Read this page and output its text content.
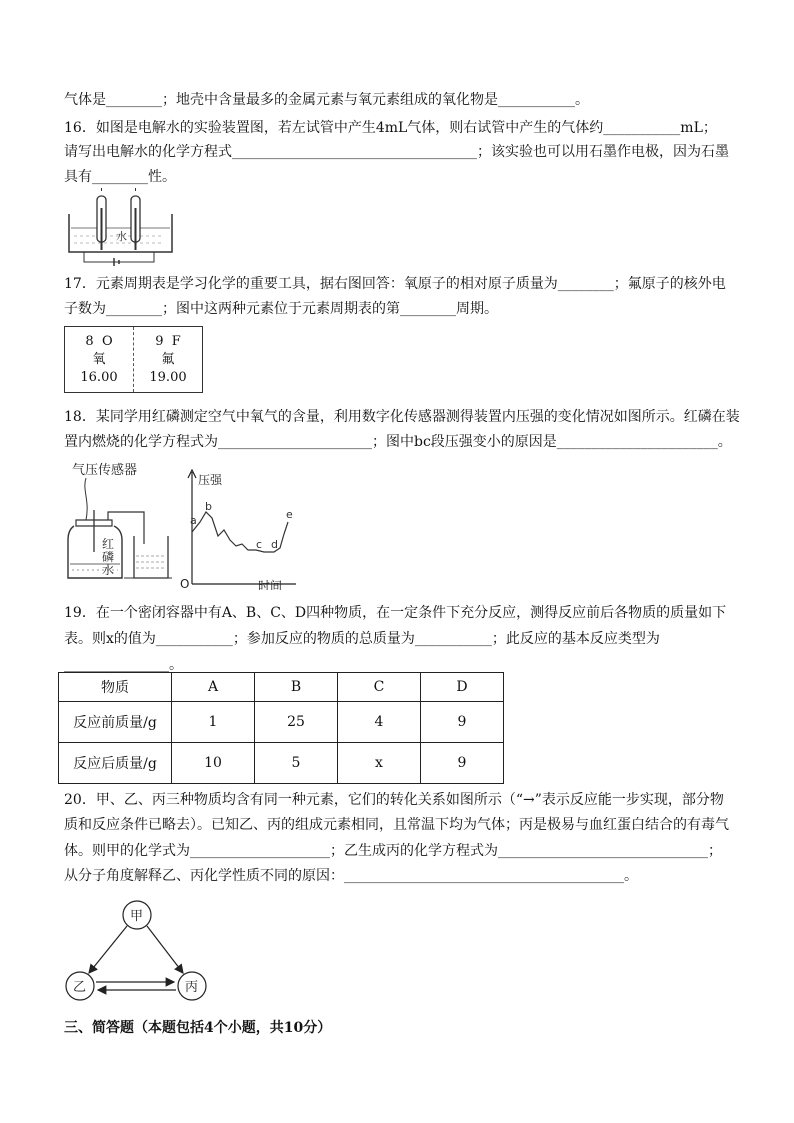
气体是________；地壳中含量最多的金属元素与氧元素组成的氧化物是___________。
16．如图是电解水的实验装置图，若左试管中产生4mL气体，则右试管中产生的气体约___________mL；
请写出电解水的化学方程式___________________________________；该实验也可以用石墨作电极，因为石墨
具有________性。
水
17．元素周期表是学习化学的重要工具，据右图回答：氧原子的相对原子质量为________；氟原子的核外电
子数为________；图中这两种元素位于元素周期表的第________周期。
8 O
氧
16.00
9 F
氟
19.00
18．某同学用红磷测定空气中氧气的含量，利用数字化传感器测得装置内压强的变化情况如图所示。红磷在装
置内燃烧的化学方程式为______________________；图中bc段压强变小的原因是_______________________。
气压传感器
红
磷
水
压强
时间
O
a
b
c d
e
19．在一个密闭容器中有A、B、C、D四种物质，在一定条件下充分反应，测得反应前后各物质的质量如下
表。则x的值为___________；参加反应的物质的总质量为___________；此反应的基本反应类型为
_______________。
物质	A	B	C	D
反应前质量/g	1	25	4	9
反应后质量/g	10	5	x	9
20．甲、乙、丙三种物质均含有同一种元素，它们的转化关系如图所示（“→”表示反应能一步实现，部分物
质和反应条件已略去）。已知乙、丙的组成元素相同，且常温下均为气体；丙是极易与血红蛋白结合的有毒气
体。则甲的化学式为____________________；乙生成丙的化学方程式为______________________________；
从分子角度解释乙、丙化学性质不同的原因：________________________________________。
甲
乙	丙
三、简答题（本题包括4个小题，共10分）
